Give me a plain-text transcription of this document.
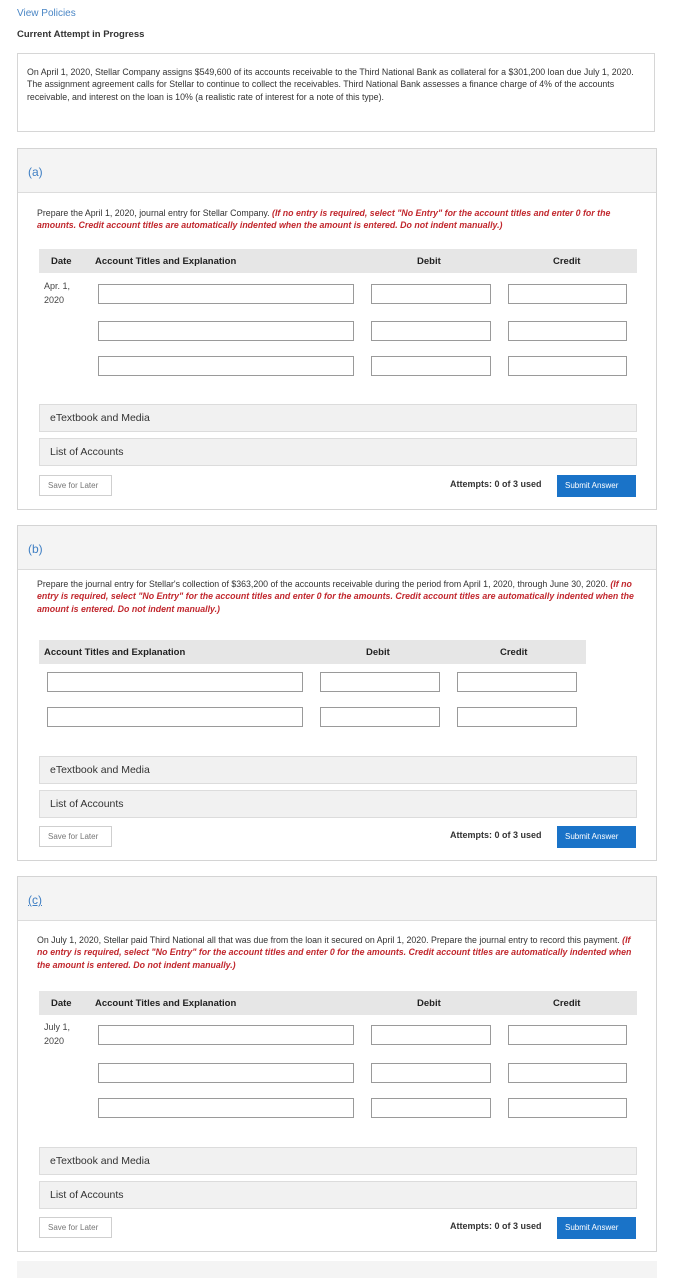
View Policies
Current Attempt in Progress
On April 1, 2020, Stellar Company assigns $549,600 of its accounts receivable to the Third National Bank as collateral for a $301,200 loan due July 1, 2020. The assignment agreement calls for Stellar to continue to collect the receivables. Third National Bank assesses a finance charge of 4% of the accounts receivable, and interest on the loan is 10% (a realistic rate of interest for a note of this type).
(a)
Prepare the April 1, 2020, journal entry for Stellar Company. (If no entry is required, select "No Entry" for the account titles and enter 0 for the amounts. Credit account titles are automatically indented when the amount is entered. Do not indent manually.)
Date Account Titles and Explanation	Debit	Credit
Apr. 1, 2020
eTextbook and Media
List of Accounts
Save for Later	Attempts: 0 of 3 used	Submit Answer
(b)
Prepare the journal entry for Stellar's collection of $363,200 of the accounts receivable during the period from April 1, 2020, through June 30, 2020. (If no entry is required, select "No Entry" for the account titles and enter 0 for the amounts. Credit account titles are automatically indented when the amount is entered. Do not indent manually.)
Account Titles and Explanation	Debit	Credit
eTextbook and Media
List of Accounts
Save for Later	Attempts: 0 of 3 used	Submit Answer
(c)
On July 1, 2020, Stellar paid Third National all that was due from the loan it secured on April 1, 2020. Prepare the journal entry to record this payment. (If no entry is required, select "No Entry" for the account titles and enter 0 for the amounts. Credit account titles are automatically indented when the amount is entered. Do not indent manually.)
Date Account Titles and Explanation	Debit	Credit
July 1, 2020
eTextbook and Media
List of Accounts
Save for Later	Attempts: 0 of 3 used	Submit Answer
